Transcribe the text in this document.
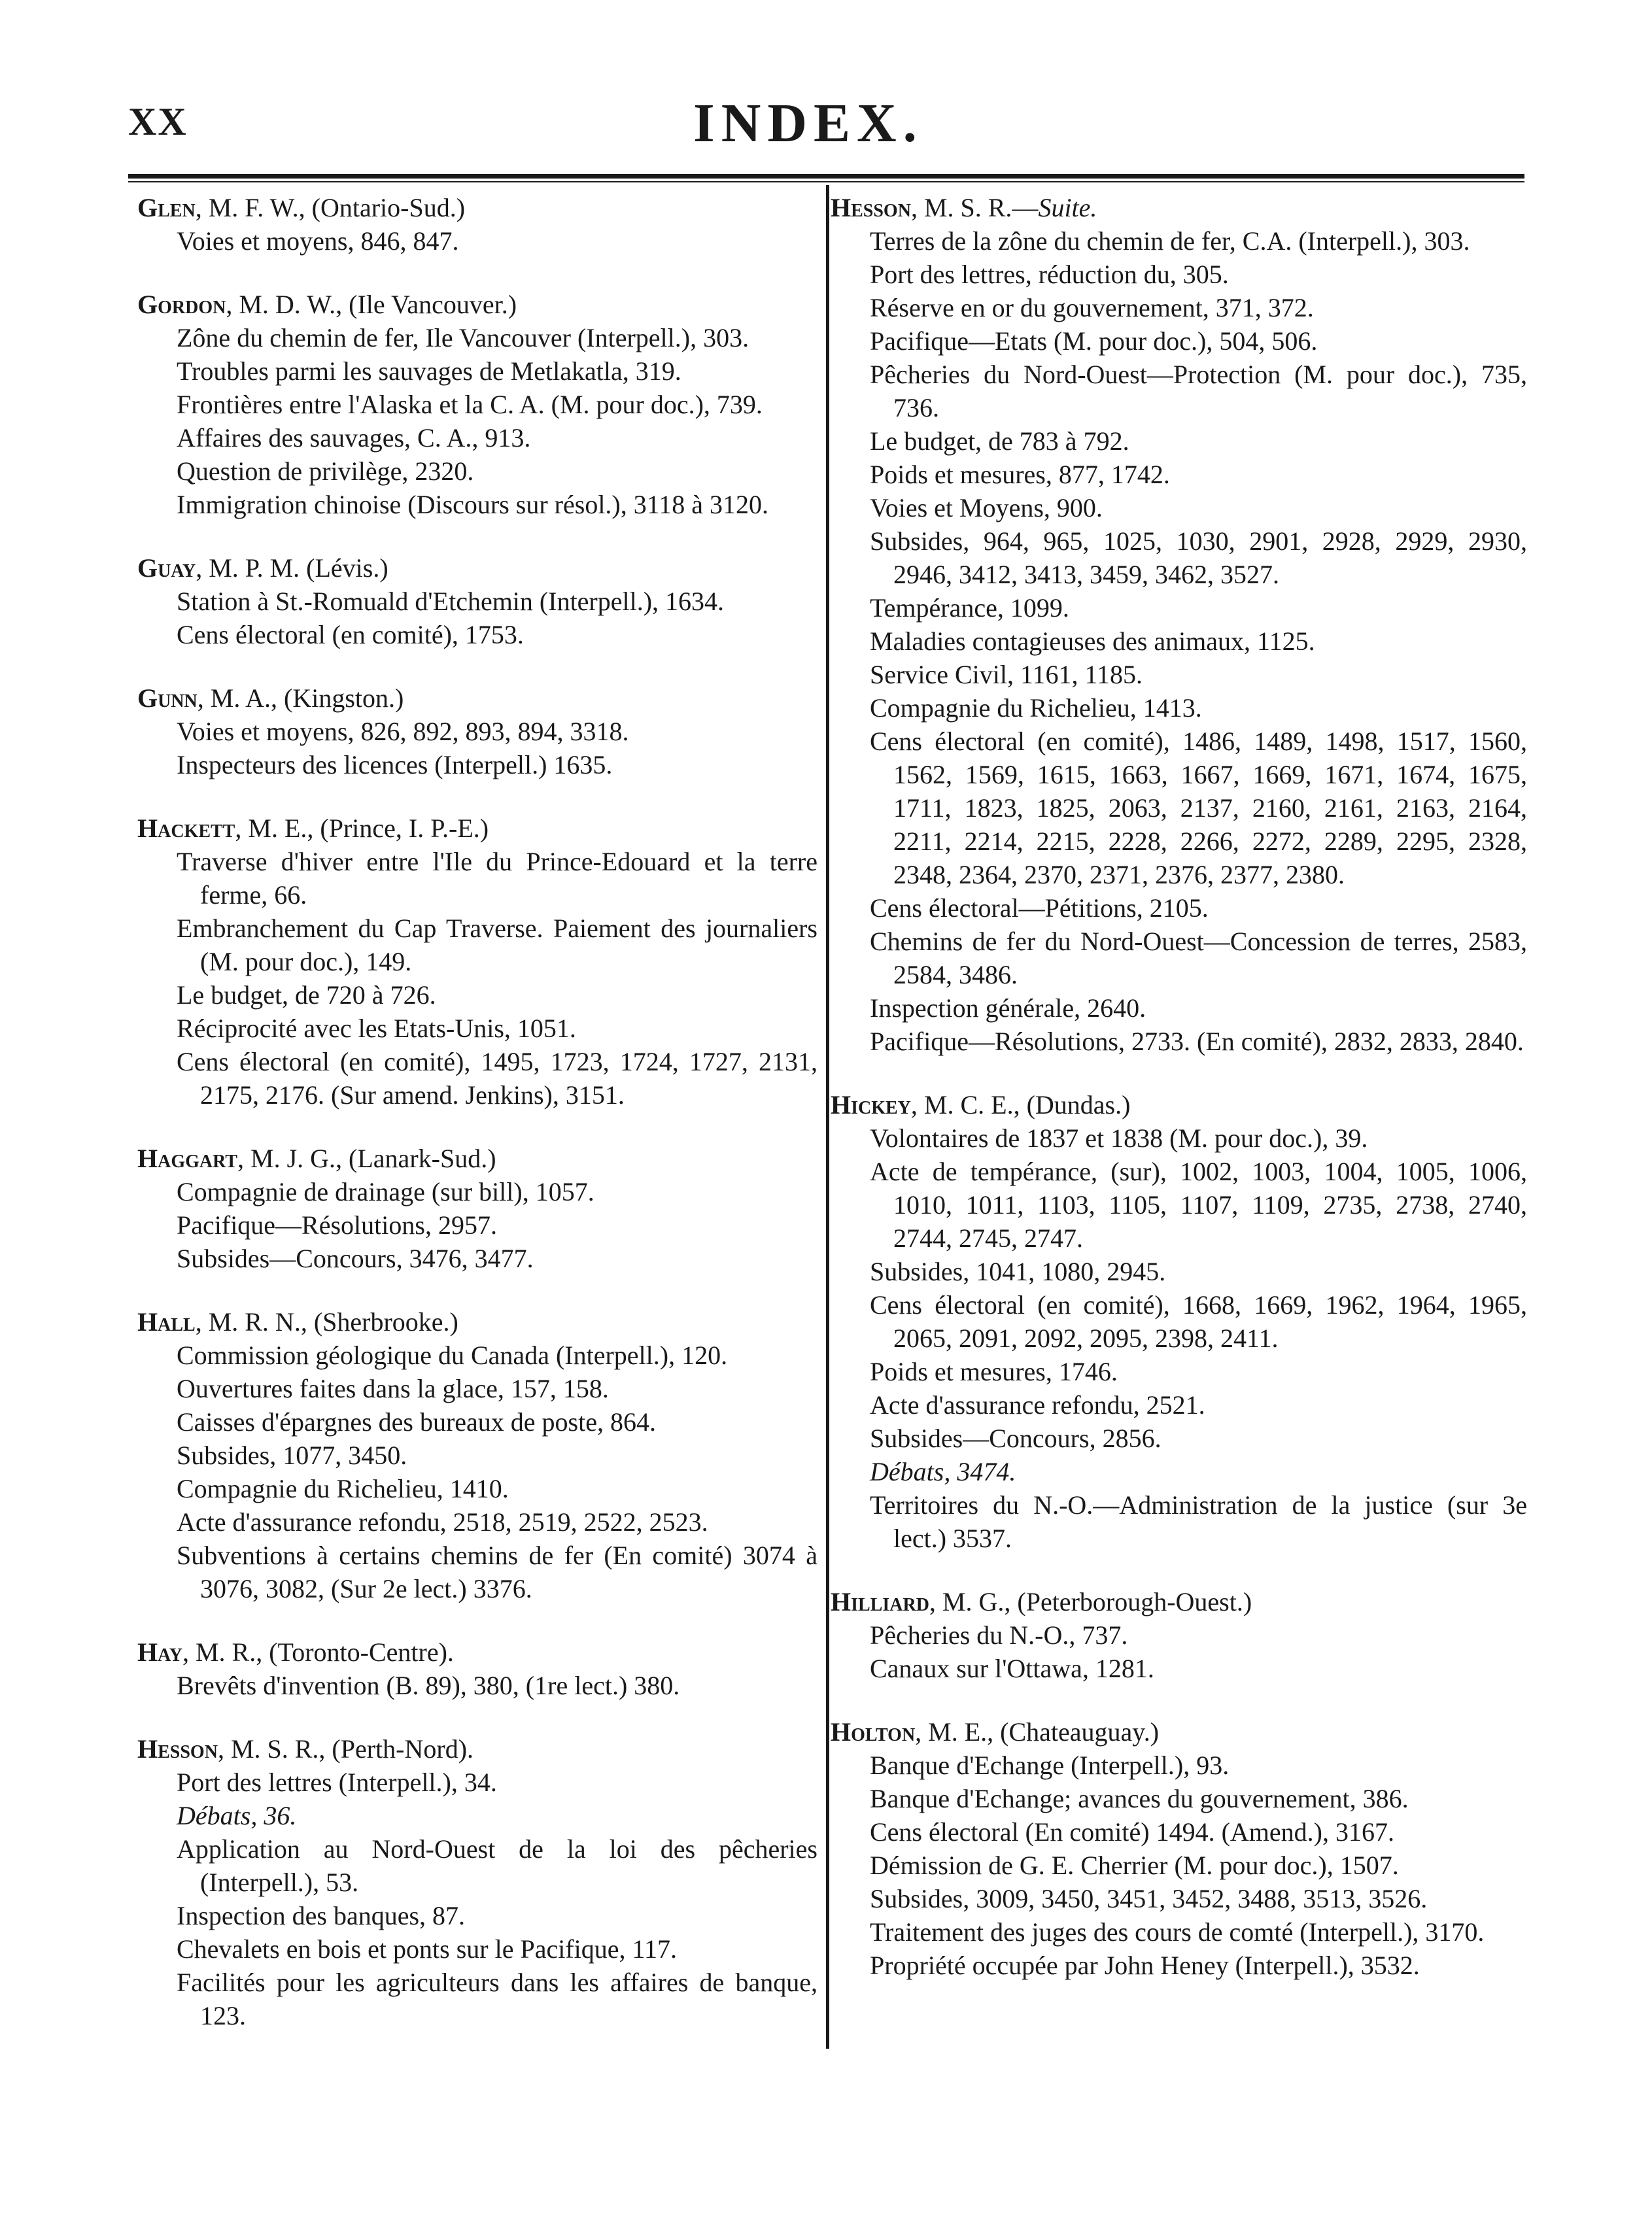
XX	INDEX.
Glen, M. F. W., (Ontario-Sud.)
Voies et moyens, 846, 847.
Gordon, M. D. W., (Ile Vancouver.)
Zône du chemin de fer, Ile Vancouver (Interpell.), 303.
Troubles parmi les sauvages de Metlakatla, 319.
Frontières entre l'Alaska et la C. A. (M. pour doc.), 739.
Affaires des sauvages, C. A., 913.
Question de privilège, 2320.
Immigration chinoise (Discours sur résol.), 3118 à 3120.
Guay, M. P. M. (Lévis.)
Station à St.-Romuald d'Etchemin (Interpell.), 1634.
Cens électoral (en comité), 1753.
Gunn, M. A., (Kingston.)
Voies et moyens, 826, 892, 893, 894, 3318.
Inspecteurs des licences (Interpell.) 1635.
Hackett, M. E., (Prince, I. P.-E.)
Traverse d'hiver entre l'Ile du Prince-Edouard et la terre ferme, 66.
Embranchement du Cap Traverse. Paiement des journaliers (M. pour doc.), 149.
Le budget, de 720 à 726.
Réciprocité avec les Etats-Unis, 1051.
Cens électoral (en comité), 1495, 1723, 1724, 1727, 2131, 2175, 2176. (Sur amend. Jenkins), 3151.
Haggart, M. J. G., (Lanark-Sud.)
Compagnie de drainage (sur bill), 1057.
Pacifique—Résolutions, 2957.
Subsides—Concours, 3476, 3477.
Hall, M. R. N., (Sherbrooke.)
Commission géologique du Canada (Interpell.), 120.
Ouvertures faites dans la glace, 157, 158.
Caisses d'épargnes des bureaux de poste, 864.
Subsides, 1077, 3450.
Compagnie du Richelieu, 1410.
Acte d'assurance refondu, 2518, 2519, 2522, 2523.
Subventions à certains chemins de fer (En comité) 3074 à 3076, 3082, (Sur 2e lect.) 3376.
Hay, M. R., (Toronto-Centre).
Brevêts d'invention (B. 89), 380, (1re lect.) 380.
Hesson, M. S. R., (Perth-Nord).
Port des lettres (Interpell.), 34.
Débats, 36.
Application au Nord-Ouest de la loi des pêcheries (Interpell.), 53.
Inspection des banques, 87.
Chevalets en bois et ponts sur le Pacifique, 117.
Facilités pour les agriculteurs dans les affaires de banque, 123.
Hesson, M. S. R.—Suite.
Terres de la zône du chemin de fer, C.A. (Interpell.), 303.
Port des lettres, réduction du, 305.
Réserve en or du gouvernement, 371, 372.
Pacifique—Etats (M. pour doc.), 504, 506.
Pêcheries du Nord-Ouest—Protection (M. pour doc.), 735, 736.
Le budget, de 783 à 792.
Poids et mesures, 877, 1742.
Voies et Moyens, 900.
Subsides, 964, 965, 1025, 1030, 2901, 2928, 2929, 2930, 2946, 3412, 3413, 3459, 3462, 3527.
Tempérance, 1099.
Maladies contagieuses des animaux, 1125.
Service Civil, 1161, 1185.
Compagnie du Richelieu, 1413.
Cens électoral (en comité), 1486, 1489, 1498, 1517, 1560, 1562, 1569, 1615, 1663, 1667, 1669, 1671, 1674, 1675, 1711, 1823, 1825, 2063, 2137, 2160, 2161, 2163, 2164, 2211, 2214, 2215, 2228, 2266, 2272, 2289, 2295, 2328, 2348, 2364, 2370, 2371, 2376, 2377, 2380.
Cens électoral—Pétitions, 2105.
Chemins de fer du Nord-Ouest—Concession de terres, 2583, 2584, 3486.
Inspection générale, 2640.
Pacifique—Résolutions, 2733. (En comité), 2832, 2833, 2840.
Hickey, M. C. E., (Dundas.)
Volontaires de 1837 et 1838 (M. pour doc.), 39.
Acte de tempérance, (sur), 1002, 1003, 1004, 1005, 1006, 1010, 1011, 1103, 1105, 1107, 1109, 2735, 2738, 2740, 2744, 2745, 2747.
Subsides, 1041, 1080, 2945.
Cens électoral (en comité), 1668, 1669, 1962, 1964, 1965, 2065, 2091, 2092, 2095, 2398, 2411.
Poids et mesures, 1746.
Acte d'assurance refondu, 2521.
Subsides—Concours, 2856.
Débats, 3474.
Territoires du N.-O.—Administration de la justice (sur 3e lect.) 3537.
Hilliard, M. G., (Peterborough-Ouest.)
Pêcheries du N.-O., 737.
Canaux sur l'Ottawa, 1281.
Holton, M. E., (Chateauguay.)
Banque d'Echange (Interpell.), 93.
Banque d'Echange; avances du gouvernement, 386.
Cens électoral (En comité) 1494. (Amend.), 3167.
Démission de G. E. Cherrier (M. pour doc.), 1507.
Subsides, 3009, 3450, 3451, 3452, 3488, 3513, 3526.
Traitement des juges des cours de comté (Interpell.), 3170.
Propriété occupée par John Heney (Interpell.), 3532.
